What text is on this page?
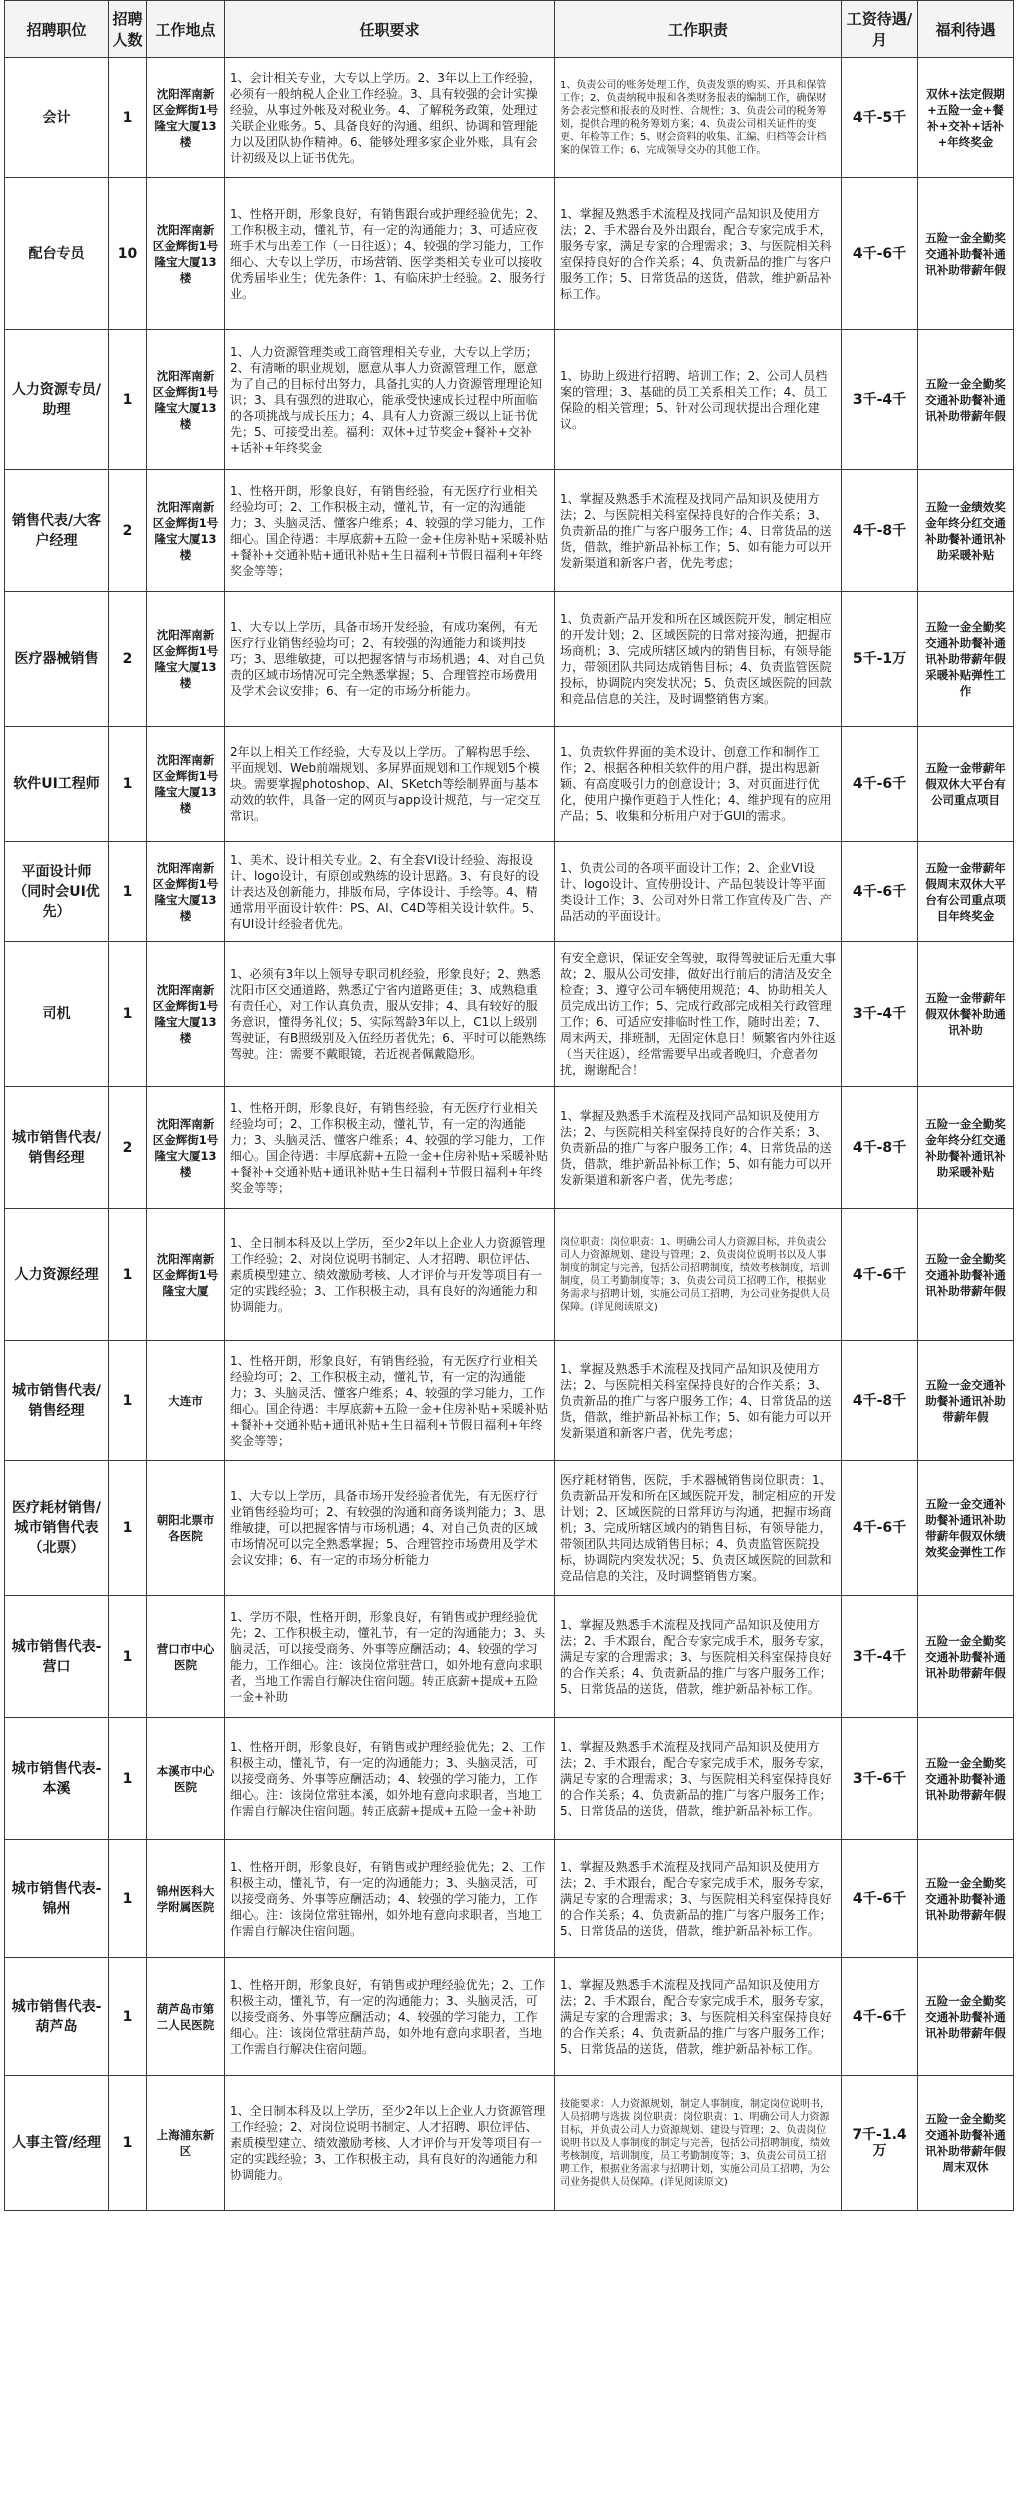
招聘职位	招聘人数	工作地点	任职要求	工作职责	工资待遇/月	福利待遇
会计	1	沈阳浑南新区金辉街1号隆宝大厦13楼	1、会计相关专业，大专以上学历。2、3年以上工作经验，必须有一般纳税人企业工作经验。3、具有较强的会计实操经验，从事过外帐及对税业务。4、了解税务政策，处理过关联企业账务。5、具备良好的沟通、组织、协调和管理能力以及团队协作精神。6、能够处理多家企业外账，具有会计初级及以上证书优先。	1、负责公司的账务处理工作，负责发票的购买、开具和保管工作；2、负责纳税申报和各类财务报表的编制工作，确保财务会表完整和报表的及时性、合规性；3、负责公司的税务筹划，提供合理的税务筹划方案；4、负责公司相关证件的变更、年检等工作；5、财会资料的收集、汇编、归档等会计档案的保管工作；6、完成领导交办的其他工作。	4千-5千	双休+法定假期+五险一金+餐补+交补+话补+年终奖金
配台专员	10	沈阳浑南新区金辉街1号隆宝大厦13楼	1、性格开朗，形象良好，有销售跟台或护理经验优先；2、工作积极主动，懂礼节，有一定的沟通能力；3、可适应夜班手术与出差工作（一日往返）；4、较强的学习能力，工作细心、大专以上学历，市场营销、医学类相关专业可以接收优秀届毕业生；优先条件：1、有临床护士经验。2、服务行业。	1、掌握及熟悉手术流程及找同产品知识及使用方法；2、手术器台及外出跟台，配合专家完成手术，服务专家，满足专家的合理需求；3、与医院相关科室保持良好的合作关系；4、负责新品的推广与客户服务工作；5、日常货品的送货，借款，维护新品补标工作。	4千-6千	五险一金全勤奖交通补助餐补通讯补助带薪年假
人力资源专员/助理	1	沈阳浑南新区金辉街1号隆宝大厦13楼	1、人力资源管理类或工商管理相关专业，大专以上学历；2、有清晰的职业规划，愿意从事人力资源管理工作，愿意为了自己的目标付出努力，具备扎实的人力资源管理理论知识；3、具有强烈的进取心，能承受快速成长过程中所面临的各项挑战与成长压力；4、具有人力资源三级以上证书优先；5、可接受出差。福利：双休+过节奖金+餐补+交补+话补+年终奖金	1、协助上级进行招聘、培训工作；2、公司人员档案的管理；3、基础的员工关系相关工作；4、员工保险的相关管理；5、针对公司现状提出合理化建议。	3千-4千	五险一金全勤奖交通补助餐补通讯补助带薪年假
销售代表/大客户经理	2	沈阳浑南新区金辉街1号隆宝大厦13楼	1、性格开朗，形象良好，有销售经验，有无医疗行业相关经验均可；2、工作积极主动，懂礼节，有一定的沟通能力；3、头脑灵活、懂客户维系；4、较强的学习能力，工作细心。国企待遇：丰厚底薪+五险一金+住房补贴+采暖补贴+餐补+交通补贴+通讯补贴+生日福利+节假日福利+年终奖金等等；	1、掌握及熟悉手术流程及找同产品知识及使用方法；2、与医院相关科室保持良好的合作关系；3、负责新品的推广与客户服务工作；4、日常货品的送货，借款，维护新品补标工作；5、如有能力可以开发新渠道和新客户者，优先考虑；	4千-8千	五险一金绩效奖金年终分红交通补助餐补通讯补助采暖补贴
医疗器械销售	2	沈阳浑南新区金辉街1号隆宝大厦13楼	1、大专以上学历，具备市场开发经验，有成功案例，有无医疗行业销售经验均可；2、有较强的沟通能力和谈判技巧；3、思维敏捷，可以把握客情与市场机遇；4、对自己负责的区域市场情况可完全熟悉掌握；5、合理管控市场费用及学术会议安排；6、有一定的市场分析能力。	1、负责新产品开发和所在区域医院开发，制定相应的开发计划；2、区域医院的日常对接沟通，把握市场商机；3、完成所辖区域内的销售目标，有领导能力，带领团队共同达成销售目标；4、负责监管医院投标，协调院内突发状况；5、负责区域医院的回款和竞品信息的关注，及时调整销售方案。	5千-1万	五险一金全勤奖交通补助餐补通讯补助带薪年假采暖补贴弹性工作
软件UI工程师	1	沈阳浑南新区金辉街1号隆宝大厦13楼	2年以上相关工作经验，大专及以上学历。了解构思手绘、平面规划、Web前端规划、多屏界面规划和工作规划5个模块。需要掌握photoshop、AI、SKetch等绘制界面与基本动效的软件，具备一定的网页与app设计规范，与一定交互常识。	1、负责软件界面的美术设计、创意工作和制作工作；2、根据各种相关软件的用户群，提出构思新颖、有高度吸引力的创意设计；3、对页面进行优化，使用户操作更趋于人性化；4、维护现有的应用产品；5、收集和分析用户对于GUI的需求。	4千-6千	五险一金带薪年假双休大平台有公司重点项目
平面设计师（同时会UI优先）	1	沈阳浑南新区金辉街1号隆宝大厦13楼	1、美术、设计相关专业。2、有全套VI设计经验、海报设计、logo设计，有原创或熟练的设计思路。3、有良好的设计表达及创新能力，排版布局，字体设计、手绘等。4、精通常用平面设计软件：PS、AI、C4D等相关设计软件。5、有UI设计经验者优先。	1、负责公司的各项平面设计工作；2、企业VI设计、logo设计、宣传册设计、产品包装设计等平面类设计工作；3、公司对外日常工作宣传及广告、产品活动的平面设计。	4千-6千	五险一金带薪年假周末双休大平台有公司重点项目年终奖金
司机	1	沈阳浑南新区金辉街1号隆宝大厦13楼	1、必须有3年以上领导专职司机经验，形象良好；2、熟悉沈阳市区交通道路，熟悉辽宁省内道路更佳；3、成熟稳重有责任心，对工作认真负责，服从安排；4、具有较好的服务意识，懂得务礼仪；5、实际驾龄3年以上，C1以上级别驾驶证，有B照级别及入伍经历者优先；6、平时可以能熟练驾驶。注：需要不戴眼镜，若近视者佩戴隐形。	有安全意识，保证安全驾驶，取得驾驶证后无重大事故；2、服从公司安排，做好出行前后的清洁及安全检查；3、遵守公司车辆使用规范；4、协助相关人员完成出访工作；5、完成行政部完成相关行政管理工作；6、可适应安排临时性工作，随时出差；7、周末两天，排班制，无固定休息日！频繁省内外往返（当天往返），经常需要早出或者晚归，介意者勿扰，谢谢配合！	3千-4千	五险一金带薪年假双休餐补助通讯补助
城市销售代表/销售经理	2	沈阳浑南新区金辉街1号隆宝大厦13楼	1、性格开朗，形象良好，有销售经验，有无医疗行业相关经验均可；2、工作积极主动，懂礼节，有一定的沟通能力；3、头脑灵活、懂客户维系；4、较强的学习能力，工作细心。国企待遇：丰厚底薪+五险一金+住房补贴+采暖补贴+餐补+交通补贴+通讯补贴+生日福利+节假日福利+年终奖金等等；	1、掌握及熟悉手术流程及找同产品知识及使用方法；2、与医院相关科室保持良好的合作关系；3、负责新品的推广与客户服务工作；4、日常货品的送货，借款，维护新品补标工作；5、如有能力可以开发新渠道和新客户者，优先考虑；	4千-8千	五险一金全勤奖金年终分红交通补助餐补通讯补助采暖补贴
人力资源经理	1	沈阳浑南新区金辉街1号隆宝大厦	1、全日制本科及以上学历，至少2年以上企业人力资源管理工作经验；2、对岗位说明书制定、人才招聘、职位评估、素质模型建立、绩效激励考核、人才评价与开发等项目有一定的实践经验；3、工作积极主动，具有良好的沟通能力和协调能力。	岗位职责：岗位职责：1、明确公司人力资源目标，并负责公司人力资源规划、建设与管理；2、负责岗位说明书以及人事制度的制定与完善，包括公司招聘制度，绩效考核制度，培训制度，员工考勤制度等；3、负责公司员工招聘工作，根据业务需求与招聘计划，实施公司员工招聘，为公司业务提供人员保障。(详见阅读原文)	4千-6千	五险一金全勤奖交通补助餐补通讯补助带薪年假
城市销售代表/销售经理	1	大连市	1、性格开朗，形象良好，有销售经验，有无医疗行业相关经验均可；2、工作积极主动，懂礼节，有一定的沟通能力；3、头脑灵活、懂客户维系；4、较强的学习能力，工作细心。国企待遇：丰厚底薪+五险一金+住房补贴+采暖补贴+餐补+交通补贴+通讯补贴+生日福利+节假日福利+年终奖金等等；	1、掌握及熟悉手术流程及找同产品知识及使用方法；2、与医院相关科室保持良好的合作关系；3、负责新品的推广与客户服务工作；4、日常货品的送货，借款，维护新品补标工作；5、如有能力可以开发新渠道和新客户者，优先考虑；	4千-8千	五险一金交通补助餐补通讯补助带薪年假
医疗耗材销售/城市销售代表（北票）	1	朝阳北票市各医院	1、大专以上学历，具备市场开发经验者优先，有无医疗行业销售经验均可；2、有较强的沟通和商务谈判能力；3、思维敏捷，可以把握客情与市场机遇；4、对自己负责的区域市场情况可以完全熟悉掌握；5、合理管控市场费用及学术会议安排；6、有一定的市场分析能力	医疗耗材销售，医院，手术器械销售岗位职责：1、负责新品开发和所在区域医院开发，制定相应的开发计划；2、区域医院的日常拜访与沟通，把握市场商机；3、完成所辖区域内的销售目标，有领导能力，带领团队共同达成销售目标；4、负责监管医院投标，协调院内突发状况；5、负责区域医院的回款和竞品信息的关注，及时调整销售方案。	4千-6千	五险一金交通补助餐补通讯补助带薪年假双休绩效奖金弹性工作
城市销售代表-营口	1	营口市中心医院	1、学历不限，性格开朗，形象良好，有销售或护理经验优先；2、工作积极主动，懂礼节，有一定的沟通能力；3、头脑灵活，可以接受商务、外事等应酬活动；4、较强的学习能力，工作细心。注：该岗位常驻营口，如外地有意向求职者，当地工作需自行解决住宿问题。转正底薪+提成+五险一金+补助	1、掌握及熟悉手术流程及找同产品知识及使用方法；2、手术跟台，配合专家完成手术，服务专家，满足专家的合理需求；3、与医院相关科室保持良好的合作关系；4、负责新品的推广与客户服务工作；5、日常货品的送货，借款，维护新品补标工作。	3千-4千	五险一金全勤奖交通补助餐补通讯补助带薪年假
城市销售代表-本溪	1	本溪市中心医院	1、性格开朗，形象良好，有销售或护理经验优先；2、工作积极主动，懂礼节，有一定的沟通能力；3、头脑灵活，可以接受商务、外事等应酬活动；4、较强的学习能力，工作细心。注：该岗位常驻本溪，如外地有意向求职者，当地工作需自行解决住宿问题。转正底薪+提成+五险一金+补助	1、掌握及熟悉手术流程及找同产品知识及使用方法；2、手术跟台，配合专家完成手术，服务专家，满足专家的合理需求；3、与医院相关科室保持良好的合作关系；4、负责新品的推广与客户服务工作；5、日常货品的送货，借款，维护新品补标工作。	3千-6千	五险一金全勤奖交通补助餐补通讯补助带薪年假
城市销售代表-锦州	1	锦州医科大学附属医院	1、性格开朗，形象良好，有销售或护理经验优先；2、工作积极主动，懂礼节，有一定的沟通能力；3、头脑灵活，可以接受商务、外事等应酬活动；4、较强的学习能力，工作细心。注：该岗位常驻锦州，如外地有意向求职者，当地工作需自行解决住宿问题。	1、掌握及熟悉手术流程及找同产品知识及使用方法；2、手术跟台，配合专家完成手术，服务专家，满足专家的合理需求；3、与医院相关科室保持良好的合作关系；4、负责新品的推广与客户服务工作；5、日常货品的送货，借款，维护新品补标工作。	4千-6千	五险一金全勤奖交通补助餐补通讯补助带薪年假
城市销售代表-葫芦岛	1	葫芦岛市第二人民医院	1、性格开朗，形象良好，有销售或护理经验优先；2、工作积极主动，懂礼节，有一定的沟通能力；3、头脑灵活，可以接受商务、外事等应酬活动；4、较强的学习能力，工作细心。注：该岗位常驻葫芦岛，如外地有意向求职者，当地工作需自行解决住宿问题。	1、掌握及熟悉手术流程及找同产品知识及使用方法；2、手术跟台，配合专家完成手术，服务专家，满足专家的合理需求；3、与医院相关科室保持良好的合作关系；4、负责新品的推广与客户服务工作；5、日常货品的送货，借款，维护新品补标工作。	4千-6千	五险一金全勤奖交通补助餐补通讯补助带薪年假
人事主管/经理	1	上海浦东新区	1、全日制本科及以上学历，至少2年以上企业人力资源管理工作经验；2、对岗位说明书制定、人才招聘、职位评估、素质模型建立、绩效激励考核、人才评价与开发等项目有一定的实践经验；3、工作积极主动，具有良好的沟通能力和协调能力。	技能要求：人力资源规划，制定人事制度，制定岗位说明书，人员招聘与选拔 岗位职责：岗位职责：1、明确公司人力资源目标，并负责公司人力资源规划、建设与管理；2、负责岗位说明书以及人事制度的制定与完善，包括公司招聘制度，绩效考核制度，培训制度，员工考勤制度等；3、负责公司员工招聘工作，根据业务需求与招聘计划，实施公司员工招聘，为公司业务提供人员保障。(详见阅读原文)	7千-1.4万	五险一金全勤奖交通补助餐补通讯补助带薪年假周末双休
